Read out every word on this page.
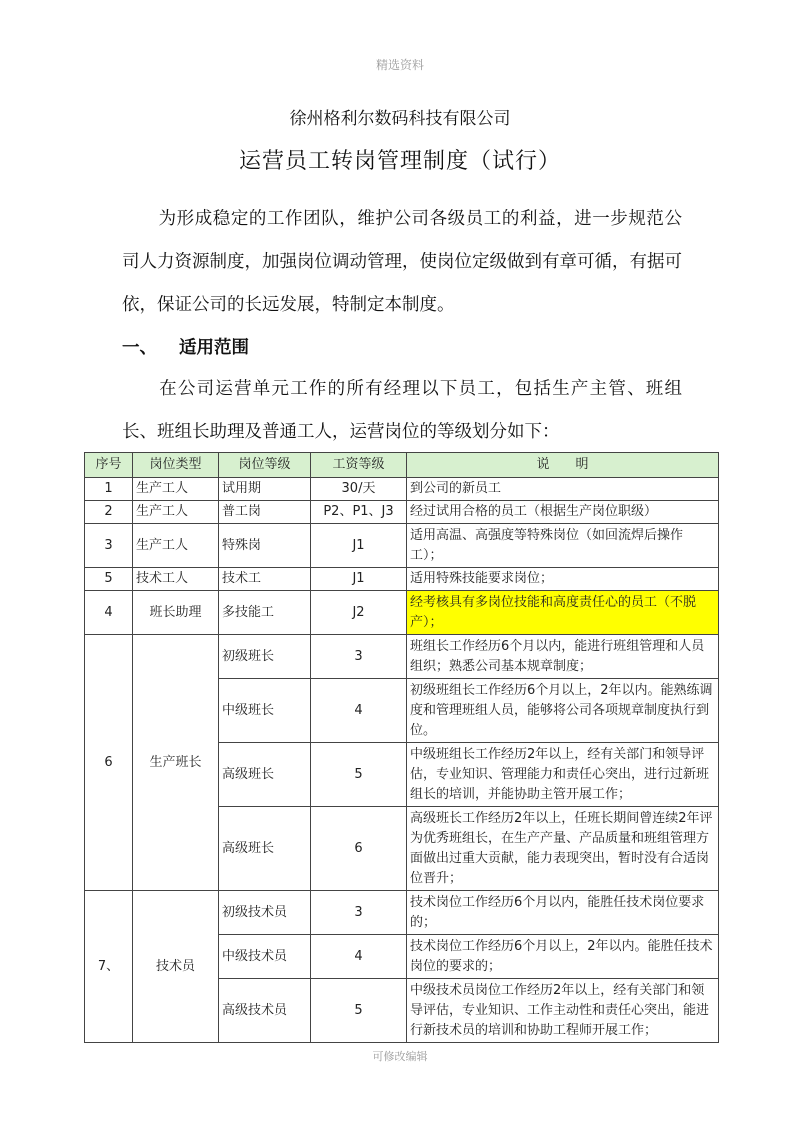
精选资料
徐州格利尔数码科技有限公司
运营员工转岗管理制度（试行）
为形成稳定的工作团队，维护公司各级员工的利益，进一步规范公司人力资源制度，加强岗位调动管理，使岗位定级做到有章可循，有据可依，保证公司的长远发展，特制定本制度。
一、 适用范围
在公司运营单元工作的所有经理以下员工，包括生产主管、班组长、班组长助理及普通工人，运营岗位的等级划分如下：
序号	岗位类型	岗位等级	工资等级	说　　明
1	生产工人	试用期	30/天	到公司的新员工
2	生产工人	普工岗	P2、P1、J3	经过试用合格的员工（根据生产岗位职级）
3	生产工人	特殊岗	J1	适用高温、高强度等特殊岗位（如回流焊后操作工）；
5	技术工人	技术工	J1	适用特殊技能要求岗位；
4	班长助理	多技能工	J2	经考核具有多岗位技能和高度责任心的员工（不脱产）；
6	生产班长	初级班长	3	班组长工作经历6个月以内，能进行班组管理和人员组织；熟悉公司基本规章制度；
		中级班长	4	初级班组长工作经历6个月以上，2年以内。能熟练调度和管理班组人员，能够将公司各项规章制度执行到位。
		高级班长	5	中级班组长工作经历2年以上，经有关部门和领导评估，专业知识、管理能力和责任心突出，进行过新班组长的培训，并能协助主管开展工作；
		高级班长	6	高级班长工作经历2年以上，任班长期间曾连续2年评为优秀班组长，在生产产量、产品质量和班组管理方面做出过重大贡献，能力表现突出，暂时没有合适岗位晋升；
7、	技术员	初级技术员	3	技术岗位工作经历6个月以内，能胜任技术岗位要求的；
		中级技术员	4	技术岗位工作经历6个月以上，2年以内。能胜任技术岗位的要求的；
		高级技术员	5	中级技术员岗位工作经历2年以上，经有关部门和领导评估，专业知识、工作主动性和责任心突出，能进行新技术员的培训和协助工程师开展工作；
可修改编辑
